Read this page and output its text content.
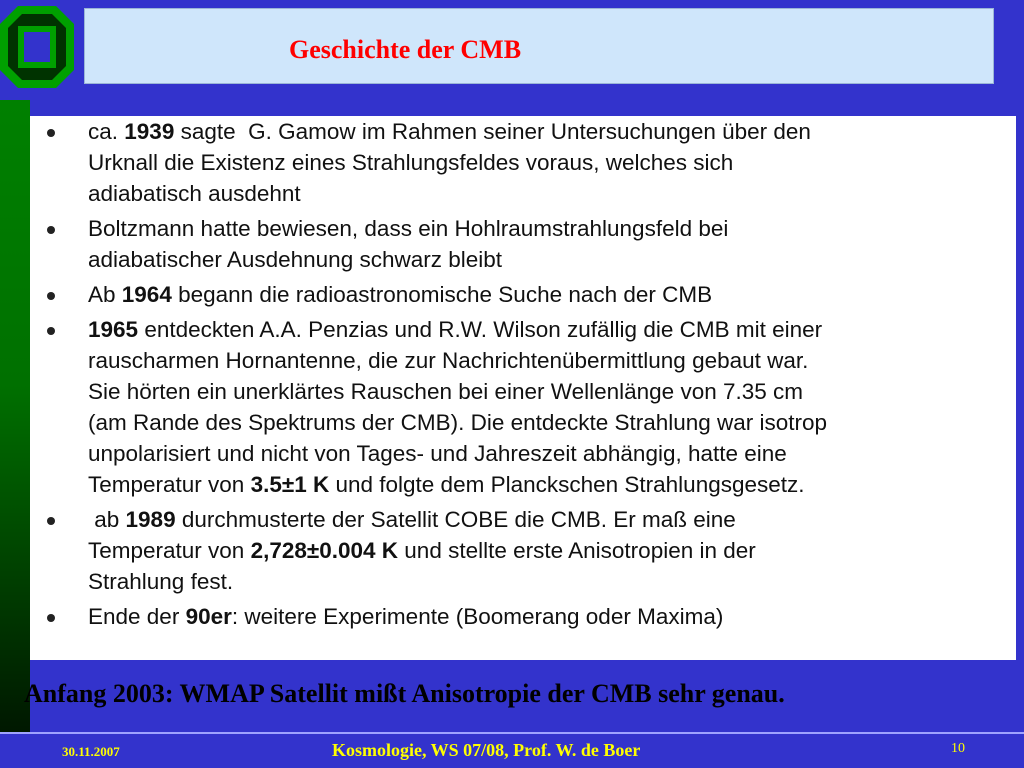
Geschichte der CMB
ca. 1939 sagte  G. Gamow im Rahmen seiner Untersuchungen über den
Urknall die Existenz eines Strahlungsfeldes voraus, welches sich
adiabatisch ausdehnt
Boltzmann hatte bewiesen, dass ein Hohlraumstrahlungsfeld bei
adiabatischer Ausdehnung schwarz bleibt
Ab 1964 begann die radioastronomische Suche nach der CMB
1965 entdeckten A.A. Penzias und R.W. Wilson zufällig die CMB mit einer
rauscharmen Hornantenne, die zur Nachrichtenübermittlung gebaut war.
Sie hörten ein unerklärtes Rauschen bei einer Wellenlänge von 7.35 cm
(am Rande des Spektrums der CMB). Die entdeckte Strahlung war isotrop
unpolarisiert und nicht von Tages- und Jahreszeit abhängig, hatte eine
Temperatur von 3.5±1 K und folgte dem Planckschen Strahlungsgesetz.
ab 1989 durchmusterte der Satellit COBE die CMB. Er maß eine
Temperatur von 2,728±0.004 K und stellte erste Anisotropien in der
Strahlung fest.
Ende der 90er: weitere Experimente (Boomerang oder Maxima)
Anfang 2003: WMAP Satellit mißt Anisotropie der CMB sehr genau.
30.11.2007	Kosmologie, WS 07/08, Prof. W. de Boer	10
